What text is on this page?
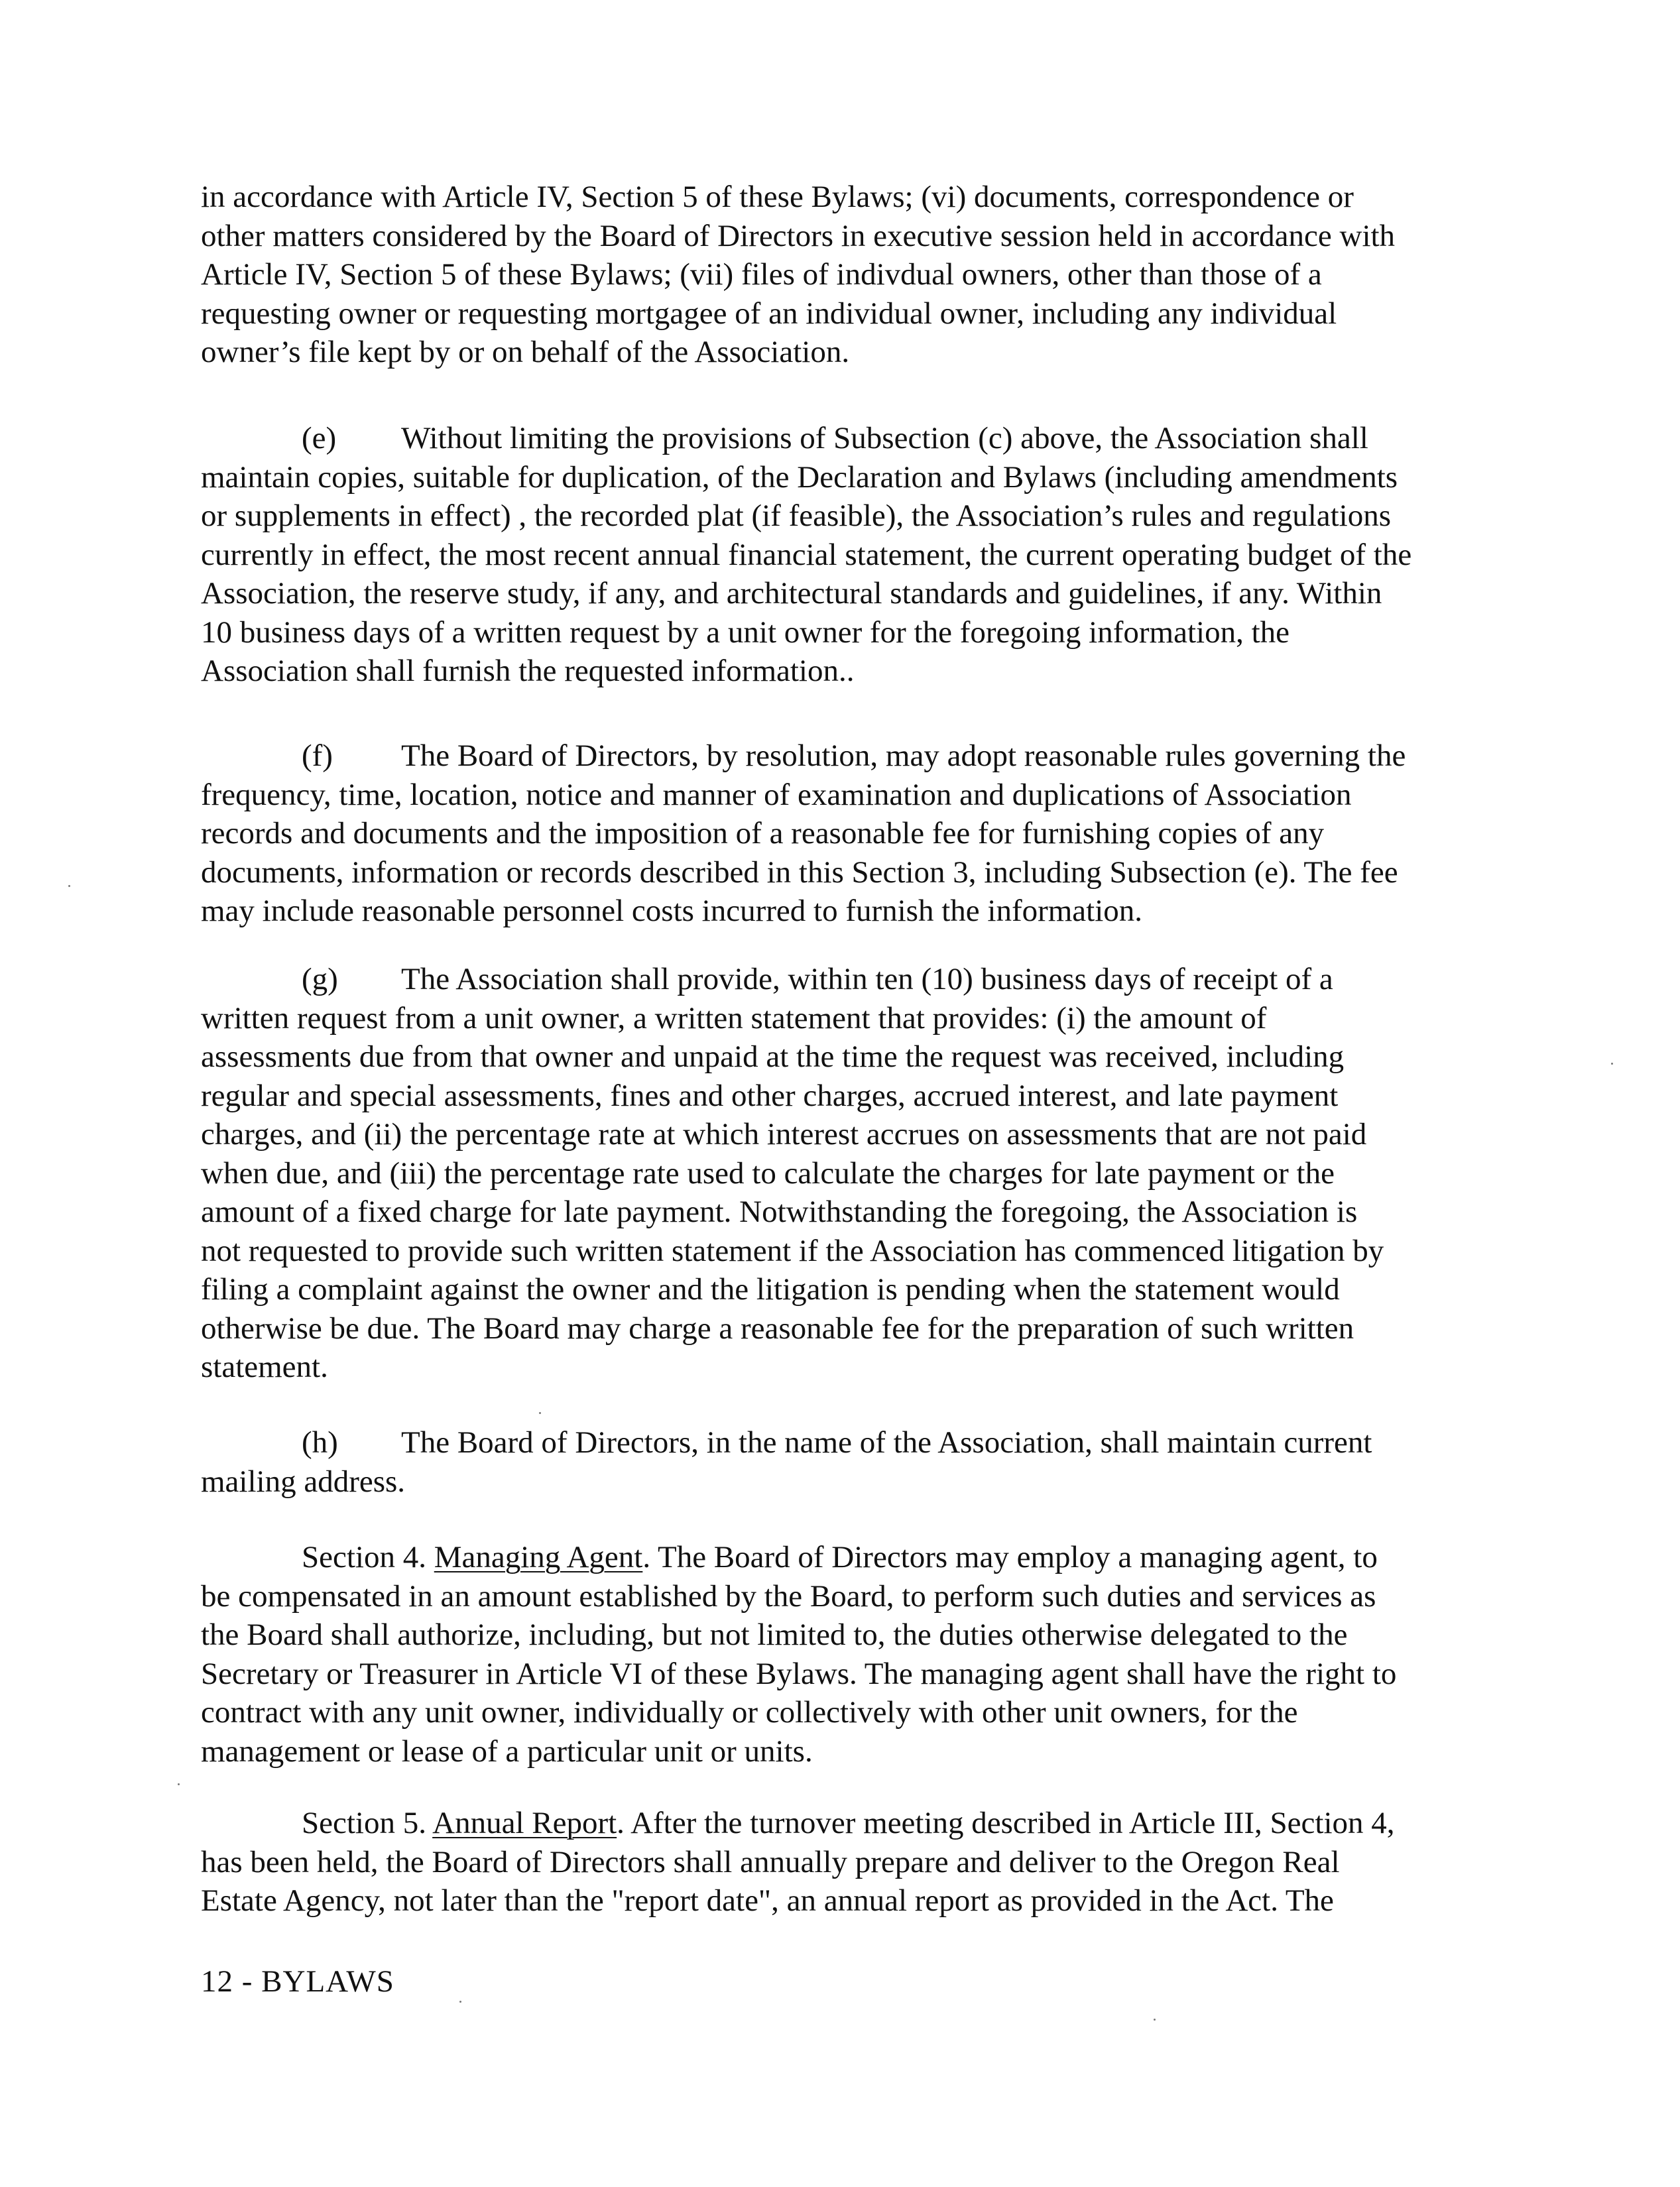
in accordance with Article IV, Section 5 of these Bylaws; (vi) documents, correspondence or
other matters considered by the Board of Directors in executive session held in accordance with
Article IV, Section 5 of these Bylaws; (vii) files of indivdual owners, other than those of a
requesting owner or requesting mortgagee of an individual owner, including any individual
owner’s file kept by or on behalf of the Association.
(e) Without limiting the provisions of Subsection (c) above, the Association shall
maintain copies, suitable for duplication, of the Declaration and Bylaws (including amendments
or supplements in effect) , the recorded plat (if feasible), the Association’s rules and regulations
currently in effect, the most recent annual financial statement, the current operating budget of the
Association, the reserve study, if any, and architectural standards and guidelines, if any. Within
10 business days of a written request by a unit owner for the foregoing information, the
Association shall furnish the requested information..
(f) The Board of Directors, by resolution, may adopt reasonable rules governing the
frequency, time, location, notice and manner of examination and duplications of Association
records and documents and the imposition of a reasonable fee for furnishing copies of any
documents, information or records described in this Section 3, including Subsection (e). The fee
may include reasonable personnel costs incurred to furnish the information.
(g) The Association shall provide, within ten (10) business days of receipt of a
written request from a unit owner, a written statement that provides: (i) the amount of
assessments due from that owner and unpaid at the time the request was received, including
regular and special assessments, fines and other charges, accrued interest, and late payment
charges, and (ii) the percentage rate at which interest accrues on assessments that are not paid
when due, and (iii) the percentage rate used to calculate the charges for late payment or the
amount of a fixed charge for late payment. Notwithstanding the foregoing, the Association is
not requested to provide such written statement if the Association has commenced litigation by
filing a complaint against the owner and the litigation is pending when the statement would
otherwise be due. The Board may charge a reasonable fee for the preparation of such written
statement.
(h) The Board of Directors, in the name of the Association, shall maintain current
mailing address.
Section 4. Managing Agent. The Board of Directors may employ a managing agent, to
be compensated in an amount established by the Board, to perform such duties and services as
the Board shall authorize, including, but not limited to, the duties otherwise delegated to the
Secretary or Treasurer in Article VI of these Bylaws. The managing agent shall have the right to
contract with any unit owner, individually or collectively with other unit owners, for the
management or lease of a particular unit or units.
Section 5. Annual Report. After the turnover meeting described in Article III, Section 4,
has been held, the Board of Directors shall annually prepare and deliver to the Oregon Real
Estate Agency, not later than the "report date", an annual report as provided in the Act. The
12 - BYLAWS
